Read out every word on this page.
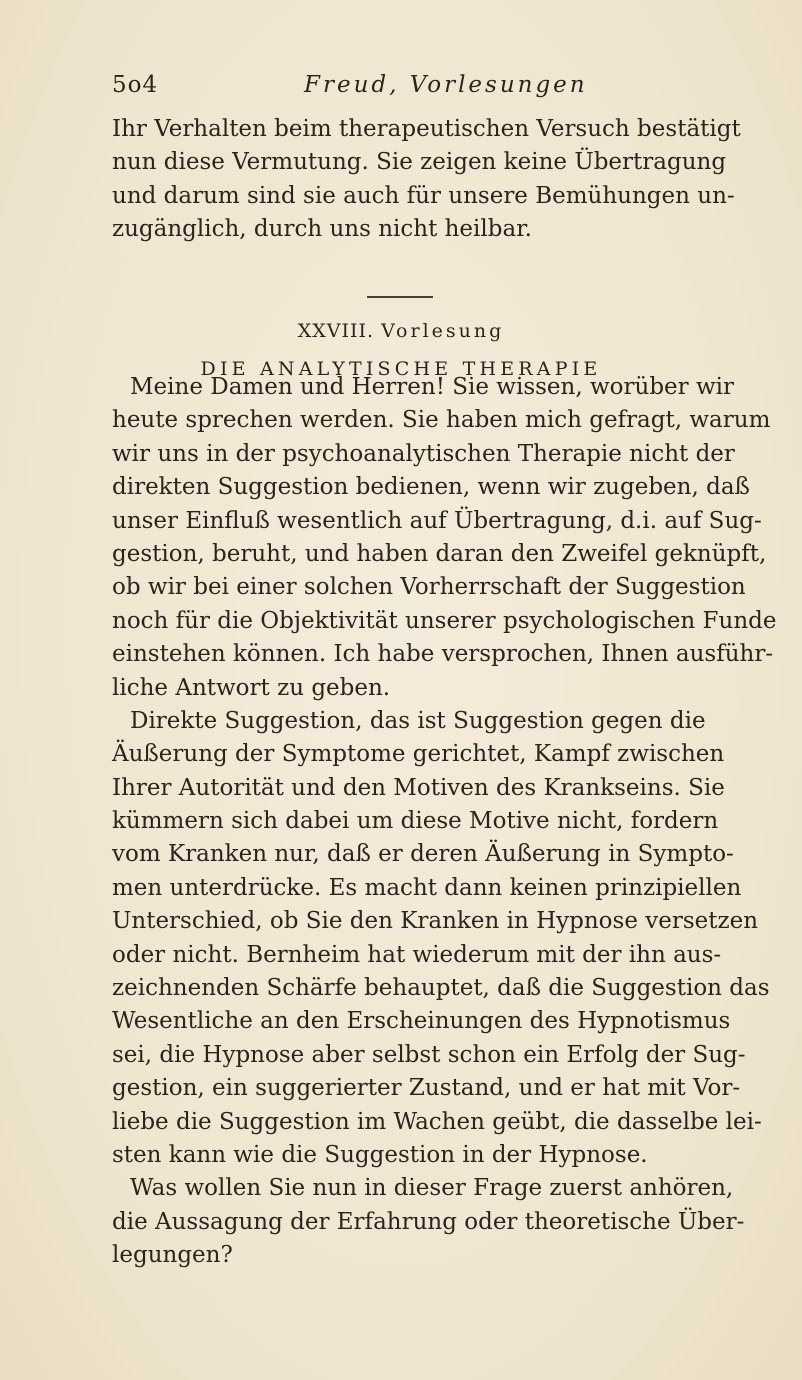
5o4	Freud, Vorlesungen
Ihr Verhalten beim therapeutischen Versuch bestätigt
nun diese Vermutung. Sie zeigen keine Übertragung
und darum sind sie auch für unsere Bemühungen un-
zugänglich, durch uns nicht heilbar.
XXVIII. Vorlesung
DIE ANALYTISCHE THERAPIE
Meine Damen und Herren! Sie wissen, worüber wir
heute sprechen werden. Sie haben mich gefragt, warum
wir uns in der psychoanalytischen Therapie nicht der
direkten Suggestion bedienen, wenn wir zugeben, daß
unser Einfluß wesentlich auf Übertragung, d.i. auf Sug-
gestion, beruht, und haben daran den Zweifel geknüpft,
ob wir bei einer solchen Vorherrschaft der Suggestion
noch für die Objektivität unserer psychologischen Funde
einstehen können. Ich habe versprochen, Ihnen ausführ-
liche Antwort zu geben.
Direkte Suggestion, das ist Suggestion gegen die
Äußerung der Symptome gerichtet, Kampf zwischen
Ihrer Autorität und den Motiven des Krankseins. Sie
kümmern sich dabei um diese Motive nicht, fordern
vom Kranken nur, daß er deren Äußerung in Sympto-
men unterdrücke. Es macht dann keinen prinzipiellen
Unterschied, ob Sie den Kranken in Hypnose versetzen
oder nicht. Bernheim hat wiederum mit der ihn aus-
zeichnenden Schärfe behauptet, daß die Suggestion das
Wesentliche an den Erscheinungen des Hypnotismus
sei, die Hypnose aber selbst schon ein Erfolg der Sug-
gestion, ein suggerierter Zustand, und er hat mit Vor-
liebe die Suggestion im Wachen geübt, die dasselbe lei-
sten kann wie die Suggestion in der Hypnose.
Was wollen Sie nun in dieser Frage zuerst anhören,
die Aussagung der Erfahrung oder theoretische Über-
legungen?
